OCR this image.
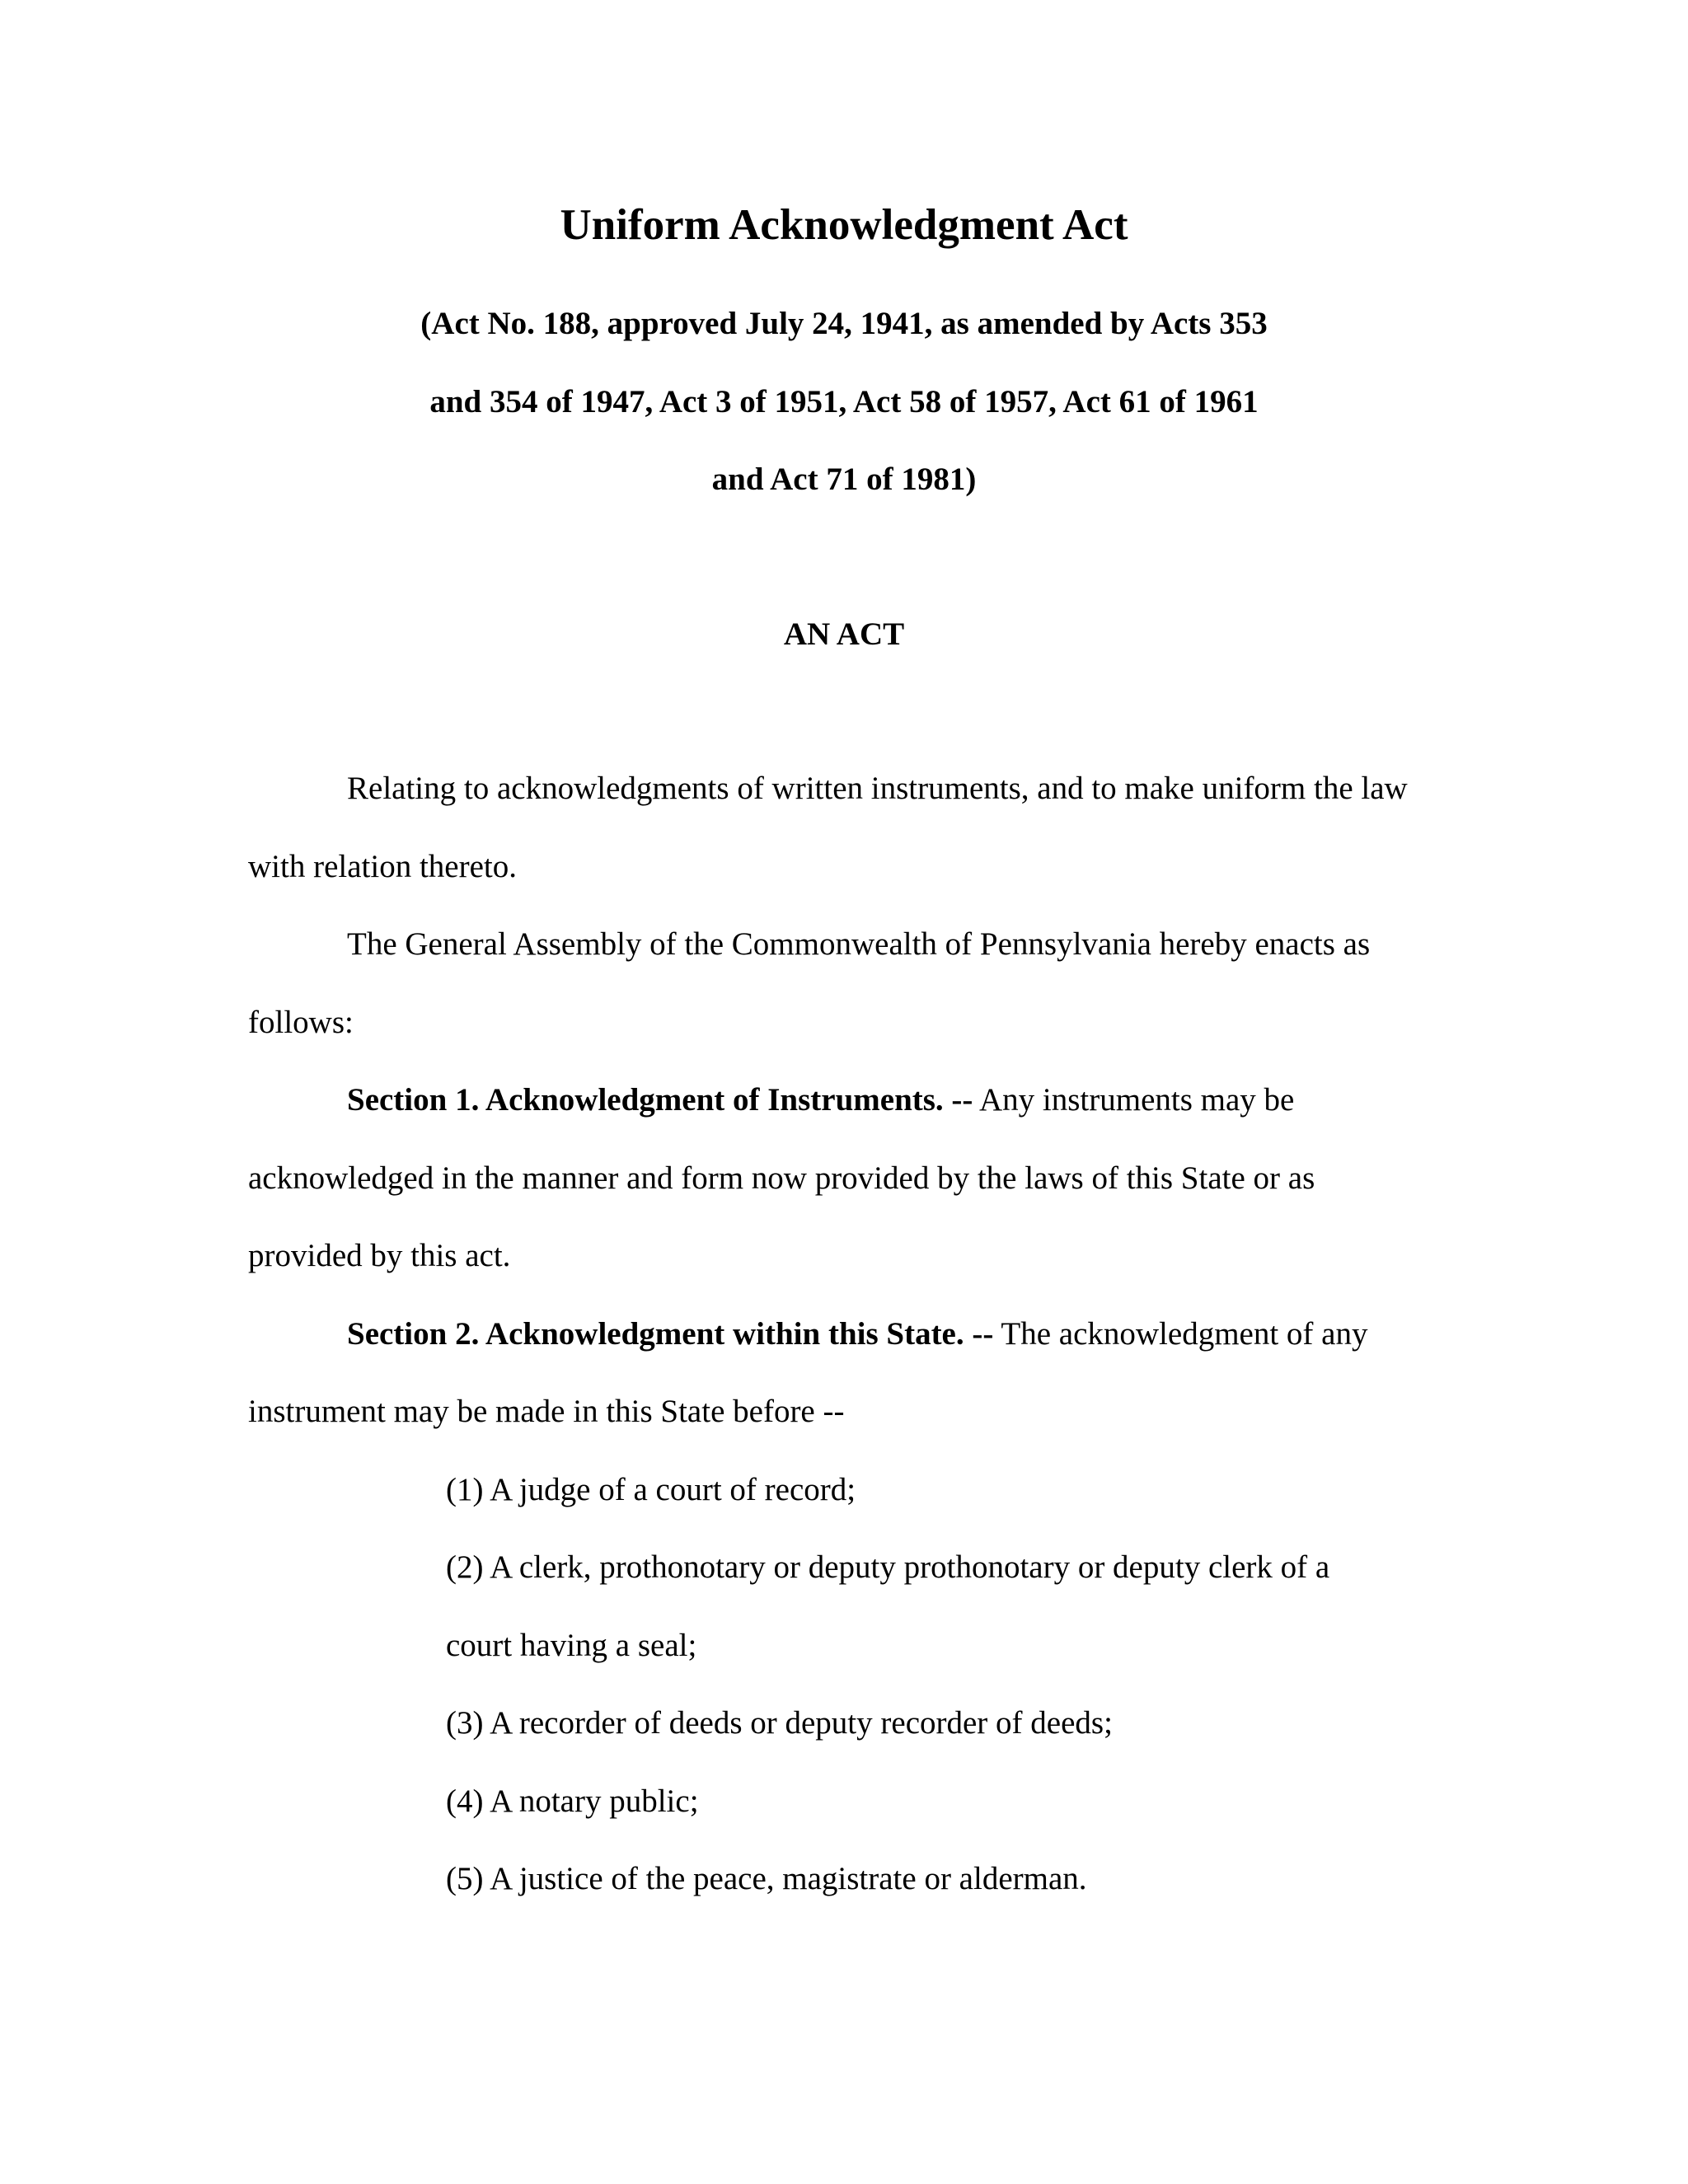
Uniform Acknowledgment Act
(Act No. 188, approved July 24, 1941, as amended by Acts 353
and 354 of 1947, Act 3 of 1951, Act 58 of 1957, Act 61 of 1961
and Act 71 of 1981)
AN ACT
Relating to acknowledgments of written instruments, and to make uniform the law
with relation thereto.
The General Assembly of the Commonwealth of Pennsylvania hereby enacts as
follows:
Section 1. Acknowledgment of Instruments. -- Any instruments may be
acknowledged in the manner and form now provided by the laws of this State or as
provided by this act.
Section 2. Acknowledgment within this State. -- The acknowledgment of any
instrument may be made in this State before --
(1) A judge of a court of record;
(2) A clerk, prothonotary or deputy prothonotary or deputy clerk of a
court having a seal;
(3) A recorder of deeds or deputy recorder of deeds;
(4) A notary public;
(5) A justice of the peace, magistrate or alderman.
